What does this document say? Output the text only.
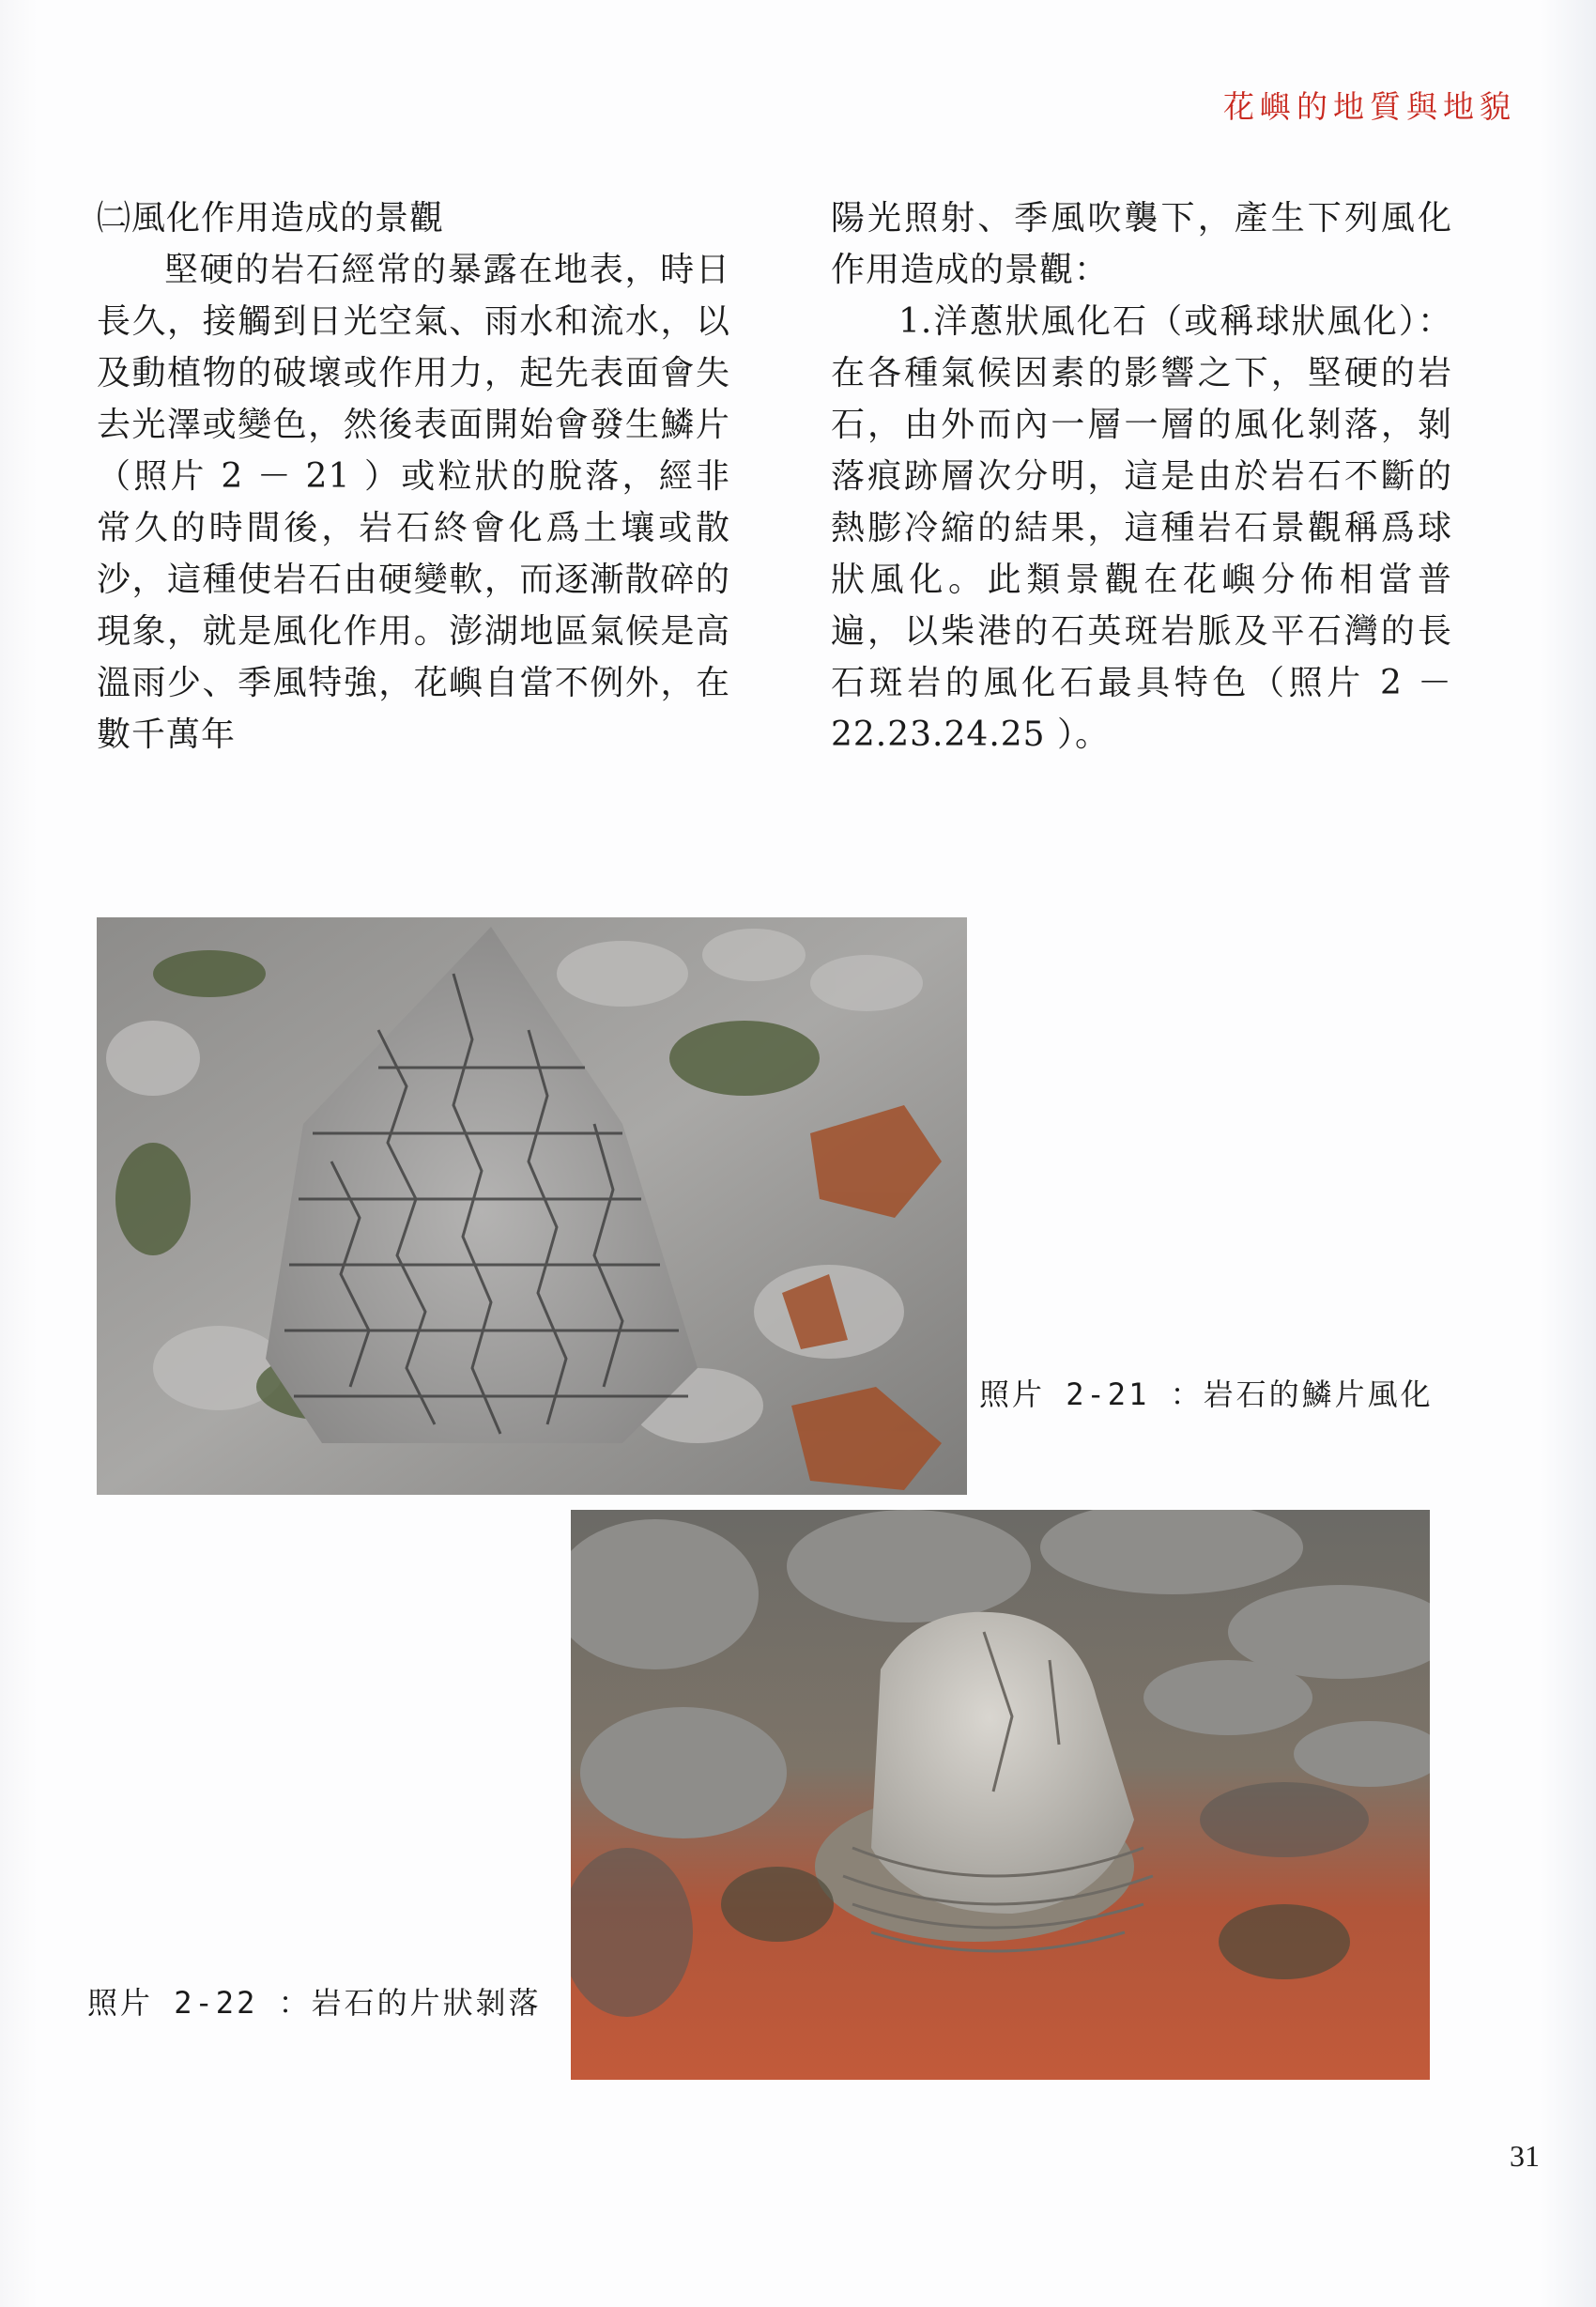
花嶼的地質與地貌

㈡風化作用造成的景觀

堅硬的岩石經常的暴露在地表，時日長久，接觸到日光空氣、雨水和流水，以及動植物的破壞或作用力，起先表面會失去光澤或變色，然後表面開始會發生鱗片（照片 2 － 21 ）或粒狀的脫落，經非常久的時間後，岩石終會化爲土壤或散沙，這種使岩石由硬變軟，而逐漸散碎的現象，就是風化作用。澎湖地區氣候是高溫雨少、季風特強，花嶼自當不例外，在數千萬年

陽光照射、季風吹襲下，產生下列風化作用造成的景觀：

1.洋蔥狀風化石（或稱球狀風化）：在各種氣候因素的影響之下，堅硬的岩石，由外而內一層一層的風化剝落，剝落痕跡層次分明，這是由於岩石不斷的熱膨冷縮的結果，這種岩石景觀稱爲球狀風化。此類景觀在花嶼分佈相當普遍，以柴港的石英斑岩脈及平石灣的長石斑岩的風化石最具特色（照片 2 － 22.23.24.25 ）。

照片 2-21 ：岩石的鱗片風化
照片 2-22 ：岩石的片狀剝落
31
